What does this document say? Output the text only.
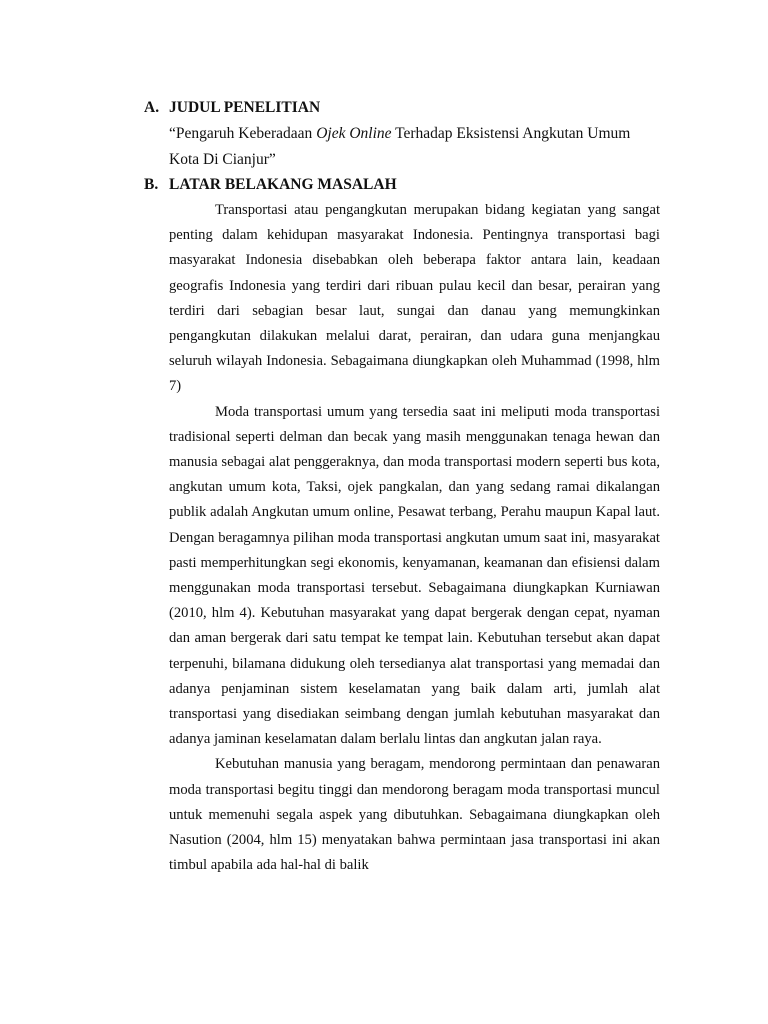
A. JUDUL PENELITIAN
“Pengaruh Keberadaan Ojek Online Terhadap Eksistensi Angkutan Umum
Kota Di Cianjur”
B. LATAR BELAKANG MASALAH

Transportasi atau pengangkutan merupakan bidang kegiatan yang sangat penting dalam kehidupan masyarakat Indonesia. Pentingnya transportasi bagi masyarakat Indonesia disebabkan oleh beberapa faktor antara lain, keadaan geografis Indonesia yang terdiri dari ribuan pulau kecil dan besar, perairan yang terdiri dari sebagian besar laut, sungai dan danau yang memungkinkan pengangkutan dilakukan melalui darat, perairan, dan udara guna menjangkau seluruh wilayah Indonesia. Sebagaimana diungkapkan oleh Muhammad (1998, hlm 7)

Moda transportasi umum yang tersedia saat ini meliputi moda transportasi tradisional seperti delman dan becak yang masih menggunakan tenaga hewan dan manusia sebagai alat penggeraknya, dan moda transportasi modern seperti bus kota, angkutan umum kota, Taksi, ojek pangkalan, dan yang sedang ramai dikalangan publik adalah Angkutan umum online, Pesawat terbang, Perahu maupun Kapal laut. Dengan beragamnya pilihan moda transportasi angkutan umum saat ini, masyarakat pasti memperhitungkan segi ekonomis, kenyamanan, keamanan dan efisiensi dalam menggunakan moda transportasi tersebut. Sebagaimana diungkapkan Kurniawan (2010, hlm 4). Kebutuhan masyarakat yang dapat bergerak dengan cepat, nyaman dan aman bergerak dari satu tempat ke tempat lain. Kebutuhan tersebut akan dapat terpenuhi, bilamana didukung oleh tersedianya alat transportasi yang memadai dan adanya penjaminan sistem keselamatan yang baik dalam arti, jumlah alat transportasi yang disediakan seimbang dengan jumlah kebutuhan masyarakat dan adanya jaminan keselamatan dalam berlalu lintas dan angkutan jalan raya.

Kebutuhan manusia yang beragam, mendorong permintaan dan penawaran moda transportasi begitu tinggi dan mendorong beragam moda transportasi muncul untuk memenuhi segala aspek yang dibutuhkan. Sebagaimana diungkapkan oleh Nasution (2004, hlm 15) menyatakan bahwa permintaan jasa transportasi ini akan timbul apabila ada hal-hal di balik
